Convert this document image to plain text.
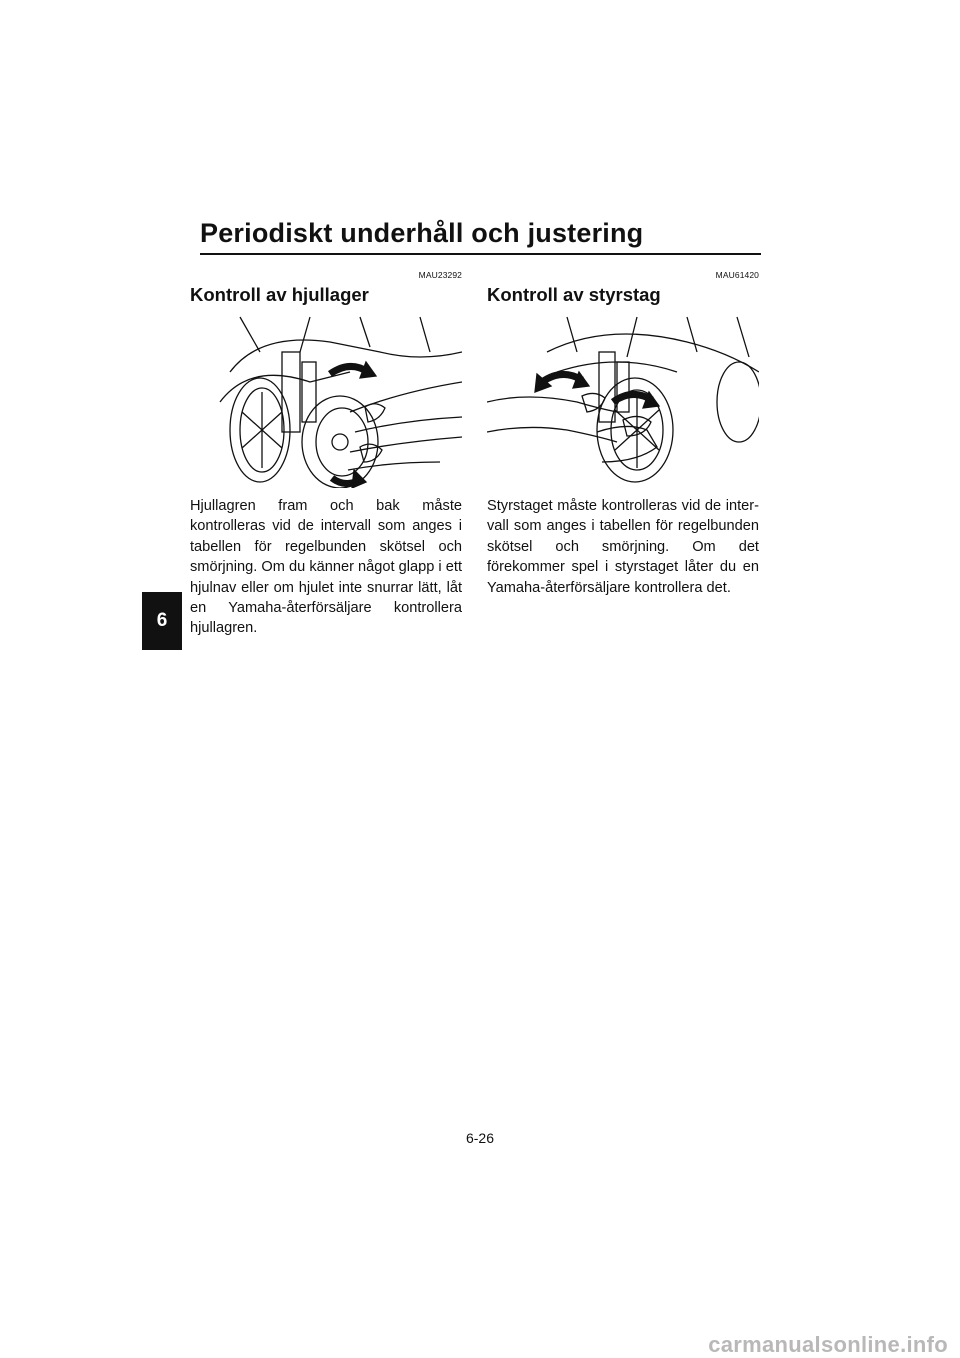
Periodiskt underhåll och justering
6
MAU23292
Kontroll av hjullager
Hjullagren fram och bak måste kontrolleras vid de intervall som anges i tabellen för regelbunden skötsel och smörjning. Om du känner något glapp i ett hjulnav eller om hjulet inte snurrar lätt, låt en Yamaha-återförsäljare kontrollera hjullagren.
MAU61420
Kontroll av styrstag
Styrstaget måste kontrolleras vid de intervall som anges i tabellen för regelbunden skötsel och smörjning. Om det förekommer spel i styrstaget låter du en Yamaha-återförsäljare kontrollera det.
6-26
carmanualsonline.info
